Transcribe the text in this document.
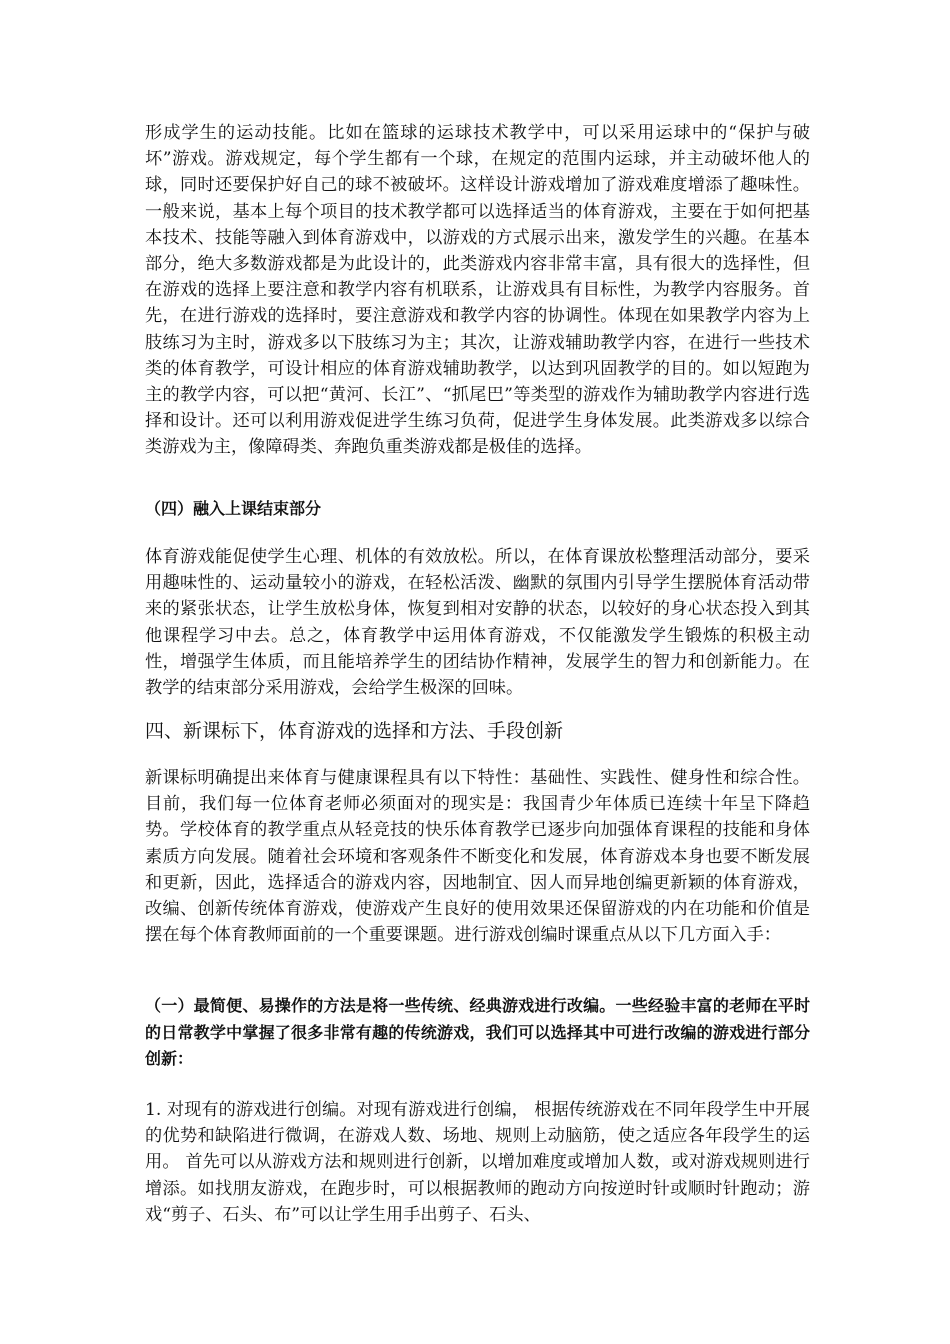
形成学生的运动技能。比如在篮球的运球技术教学中，可以采用运球中的“保护与破坏”游戏。游戏规定，每个学生都有一个球，在规定的范围内运球，并主动破坏他人的球，同时还要保护好自己的球不被破坏。这样设计游戏增加了游戏难度增添了趣味性。一般来说，基本上每个项目的技术教学都可以选择适当的体育游戏，主要在于如何把基本技术、技能等融入到体育游戏中，以游戏的方式展示出来，激发学生的兴趣。在基本部分，绝大多数游戏都是为此设计的，此类游戏内容非常丰富，具有很大的选择性，但在游戏的选择上要注意和教学内容有机联系，让游戏具有目标性，为教学内容服务。首先，在进行游戏的选择时，要注意游戏和教学内容的协调性。体现在如果教学内容为上肢练习为主时，游戏多以下肢练习为主；其次，让游戏辅助教学内容，在进行一些技术类的体育教学，可设计相应的体育游戏辅助教学，以达到巩固教学的目的。如以短跑为主的教学内容，可以把“黄河、长江”、“抓尾巴”等类型的游戏作为辅助教学内容进行选择和设计。还可以利用游戏促进学生练习负荷，促进学生身体发展。此类游戏多以综合类游戏为主，像障碍类、奔跑负重类游戏都是极佳的选择。

（四）融入上课结束部分

体育游戏能促使学生心理、机体的有效放松。所以，在体育课放松整理活动部分，要采用趣味性的、运动量较小的游戏，在轻松活泼、幽默的氛围内引导学生摆脱体育活动带来的紧张状态，让学生放松身体，恢复到相对安静的状态，以较好的身心状态投入到其他课程学习中去。总之，体育教学中运用体育游戏，不仅能激发学生锻炼的积极主动性，增强学生体质，而且能培养学生的团结协作精神，发展学生的智力和创新能力。在教学的结束部分采用游戏，会给学生极深的回味。

四、新课标下，体育游戏的选择和方法、手段创新

新课标明确提出来体育与健康课程具有以下特性：基础性、实践性、健身性和综合性。目前，我们每一位体育老师必须面对的现实是：我国青少年体质已连续十年呈下降趋势。学校体育的教学重点从轻竞技的快乐体育教学已逐步向加强体育课程的技能和身体素质方向发展。随着社会环境和客观条件不断变化和发展，体育游戏本身也要不断发展和更新，因此，选择适合的游戏内容，因地制宜、因人而异地创编更新颖的体育游戏，改编、创新传统体育游戏，使游戏产生良好的使用效果还保留游戏的内在功能和价值是摆在每个体育教师面前的一个重要课题。进行游戏创编时课重点从以下几方面入手：

（一）最简便、易操作的方法是将一些传统、经典游戏进行改编。一些经验丰富的老师在平时的日常教学中掌握了很多非常有趣的传统游戏，我们可以选择其中可进行改编的游戏进行部分创新：

1. 对现有的游戏进行创编。对现有游戏进行创编， 根据传统游戏在不同年段学生中开展的优势和缺陷进行微调，在游戏人数、场地、规则上动脑筋，使之适应各年段学生的运用。 首先可以从游戏方法和规则进行创新，以增加难度或增加人数，或对游戏规则进行增添。如找朋友游戏，在跑步时，可以根据教师的跑动方向按逆时针或顺时针跑动；游戏“剪子、石头、布”可以让学生用手出剪子、石头、
